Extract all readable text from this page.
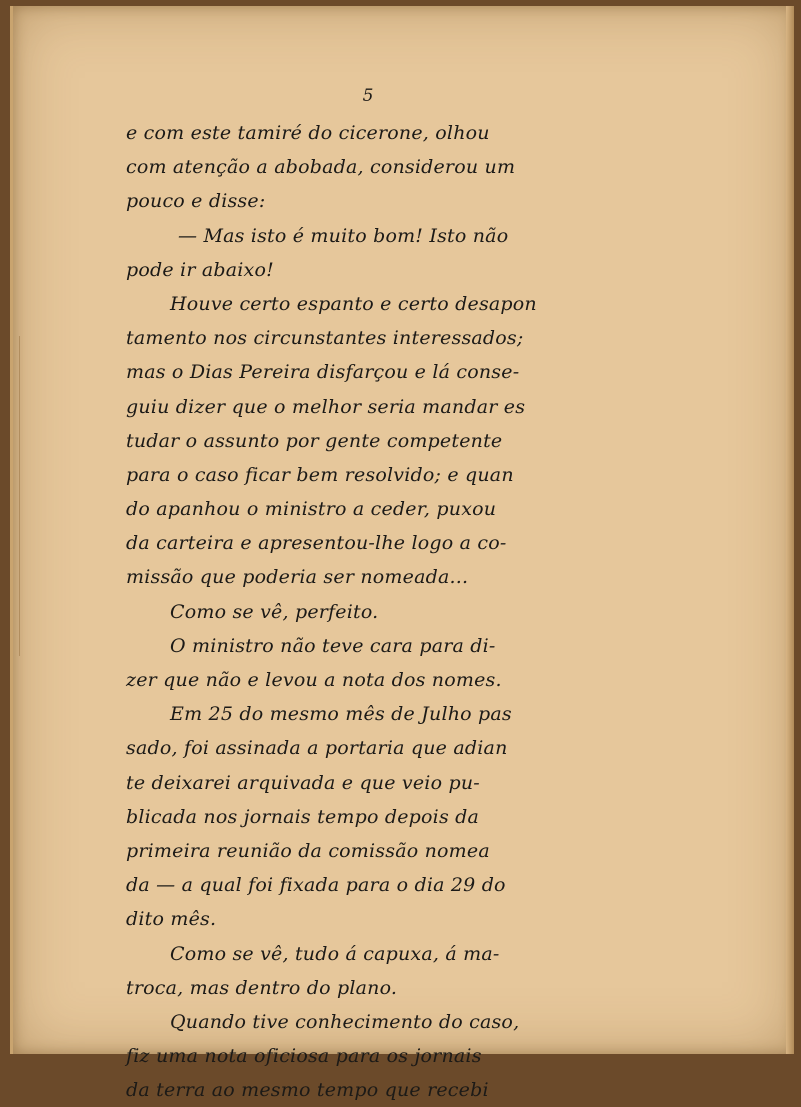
5
e com este tamiré do cicerone, olhou
com atenção a abobada, considerou um
pouco e disse:
— Mas isto é muito bom! Isto não
pode ir abaixo!
Houve certo espanto e certo desapon
tamento nos circunstantes interessados;
mas o Dias Pereira disfarçou e lá conse-
guiu dizer que o melhor seria mandar es
tudar o assunto por gente competente
para o caso ficar bem resolvido; e quan
do apanhou o ministro a ceder, puxou
da carteira e apresentou-lhe logo a co-
missão que poderia ser nomeada...
Como se vê, perfeito.
O ministro não teve cara para di-
zer que não e levou a nota dos nomes.
Em 25 do mesmo mês de Julho pas
sado, foi assinada a portaria que adian
te deixarei arquivada e que veio pu-
blicada nos jornais tempo depois da
primeira reunião da comissão nomea
da — a qual foi fixada para o dia 29 do
dito mês.
Como se vê, tudo á capuxa, á ma-
troca, mas dentro do plano.
Quando tive conhecimento do caso,
fiz uma nota oficiosa para os jornais
da terra ao mesmo tempo que recebi
